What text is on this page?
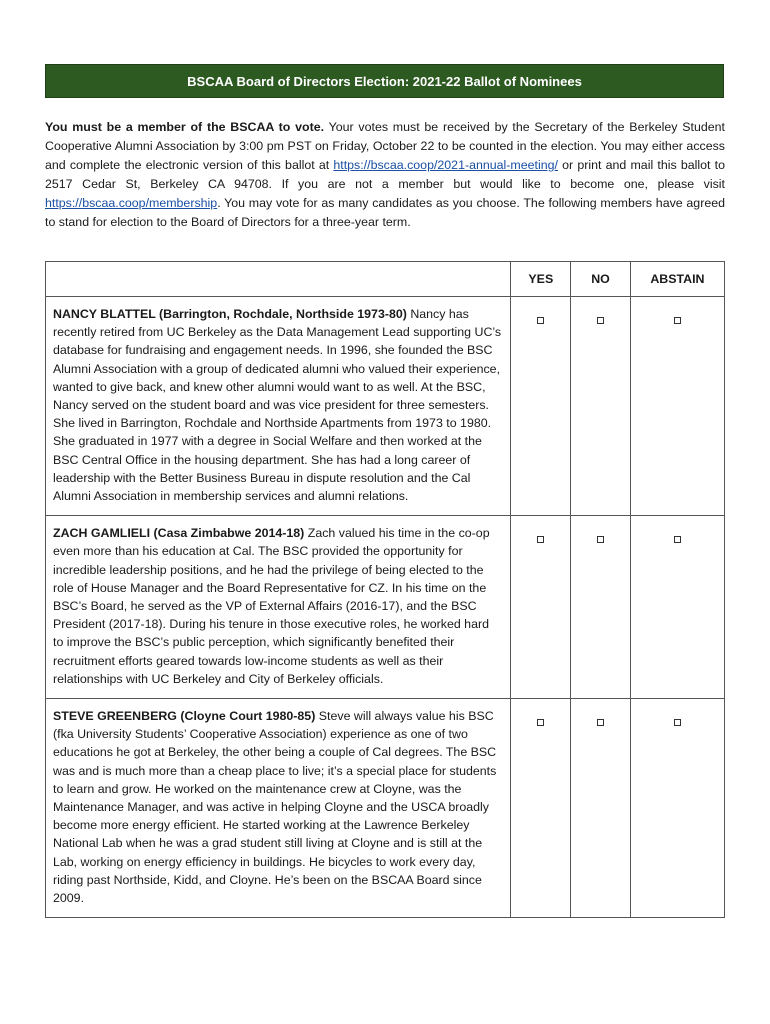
BSCAA Board of Directors Election: 2021-22 Ballot of Nominees
You must be a member of the BSCAA to vote. Your votes must be received by the Secretary of the Berkeley Student Cooperative Alumni Association by 3:00 pm PST on Friday, October 22 to be counted in the election. You may either access and complete the electronic version of this ballot at https://bscaa.coop/2021-annual-meeting/ or print and mail this ballot to 2517 Cedar St, Berkeley CA 94708. If you are not a member but would like to become one, please visit https://bscaa.coop/membership. You may vote for as many candidates as you choose. The following members have agreed to stand for election to the Board of Directors for a three-year term.
	YES	NO	ABSTAIN
NANCY BLATTEL (Barrington, Rochdale, Northside 1973-80) Nancy has recently retired from UC Berkeley as the Data Management Lead supporting UC’s database for fundraising and engagement needs. In 1996, she founded the BSC Alumni Association with a group of dedicated alumni who valued their experience, wanted to give back, and knew other alumni would want to as well. At the BSC, Nancy served on the student board and was vice president for three semesters. She lived in Barrington, Rochdale and Northside Apartments from 1973 to 1980. She graduated in 1977 with a degree in Social Welfare and then worked at the BSC Central Office in the housing department. She has had a long career of leadership with the Better Business Bureau in dispute resolution and the Cal Alumni Association in membership services and alumni relations.			
ZACH GAMLIELI (Casa Zimbabwe 2014-18) Zach valued his time in the co-op even more than his education at Cal. The BSC provided the opportunity for incredible leadership positions, and he had the privilege of being elected to the role of House Manager and the Board Representative for CZ. In his time on the BSC’s Board, he served as the VP of External Affairs (2016-17), and the BSC President (2017-18). During his tenure in those executive roles, he worked hard to improve the BSC’s public perception, which significantly benefited their recruitment efforts geared towards low-income students as well as their relationships with UC Berkeley and City of Berkeley officials.			
STEVE GREENBERG (Cloyne Court 1980-85) Steve will always value his BSC (fka University Students’ Cooperative Association) experience as one of two educations he got at Berkeley, the other being a couple of Cal degrees. The BSC was and is much more than a cheap place to live; it’s a special place for students to learn and grow. He worked on the maintenance crew at Cloyne, was the Maintenance Manager, and was active in helping Cloyne and the USCA broadly become more energy efficient. He started working at the Lawrence Berkeley National Lab when he was a grad student still living at Cloyne and is still at the Lab, working on energy efficiency in buildings. He bicycles to work every day, riding past Northside, Kidd, and Cloyne. He’s been on the BSCAA Board since 2009.			
